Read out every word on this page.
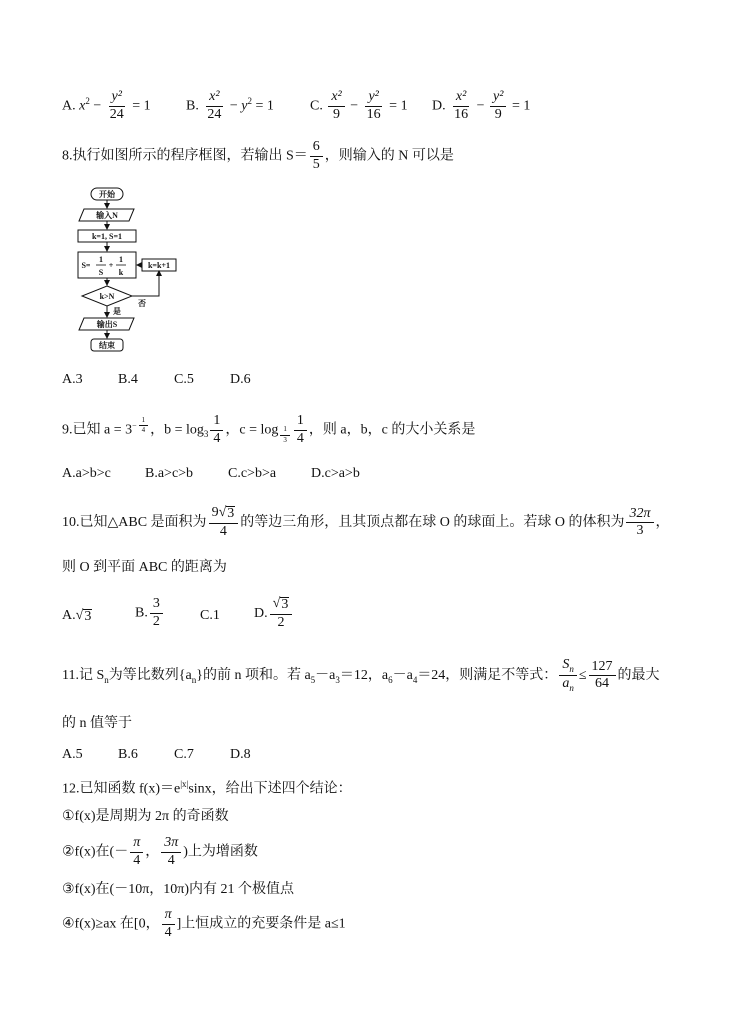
A. $x^2 - \frac{\text{y²}}{24} = 1$	B. $\frac{\text{x²}}{24} - y^2 = 1$	C. $\frac{\text{x²}}{9} - \frac{\text{y²}}{16} = 1$ D. $\frac{\text{x²}}{16} - \frac{\text{y²}}{9} = 1$
8.执行如图所示的程序框图，若输出 $S= \frac{6}{5}$ ，则输入的 N 可以是
开始
输入N
k=1, S=1
S=
1
S
+
1
k
k=k+1
k>N
是
否
输出S
结束
A.3	B.4	C.5	D.6
9.已知 $a = 3^{- \frac{1}{4}}$ ，$b = \log_3 \frac{1}{4}$ ，$c = \log _{\frac{1}{3}} \frac{1}{4}$ ，则 a，b，c 的大小关系是
A.a>b>c B.a>c>b C.c>b>a D.c>a>b
10.已知△ABC 是面积为 $\frac{9√ 3}{4}$ 的等边三角形，且其顶点都在球 O 的球面上。若球 O 的体积为 $\frac{32\pi}{3}$ ，
则 O 到平面 ABC 的距离为
A.√ 3	B. $\frac{3}{2}$	C.1 D. $\frac{√ 3}{2}$
11.记 $S_n$为等比数列$\{a_n\}$的前 n 项和。若 $a_5-a_3=12$，$a_6-a_4=24$，则满足不等式： $\frac{S_n}{a_n} \le \frac{127}{64}$ 的最大
的 n 值等于
A.5	B.6	C.7	D.8
12.已知函数 $f(x)=e^{|x|}\sin x$，给出下述四个结论：
①f(x)是周期为 2π 的奇函数
②f(x)在(－ $\frac{\pi}{4}$ ， $\frac{3\pi}{4}$ )上为增函数
③f(x)在(－10π，10π)内有 21 个极值点
④f(x)≥ax 在[0， $\frac{\pi}{4}$ ]上恒成立的充要条件是 a≤1
